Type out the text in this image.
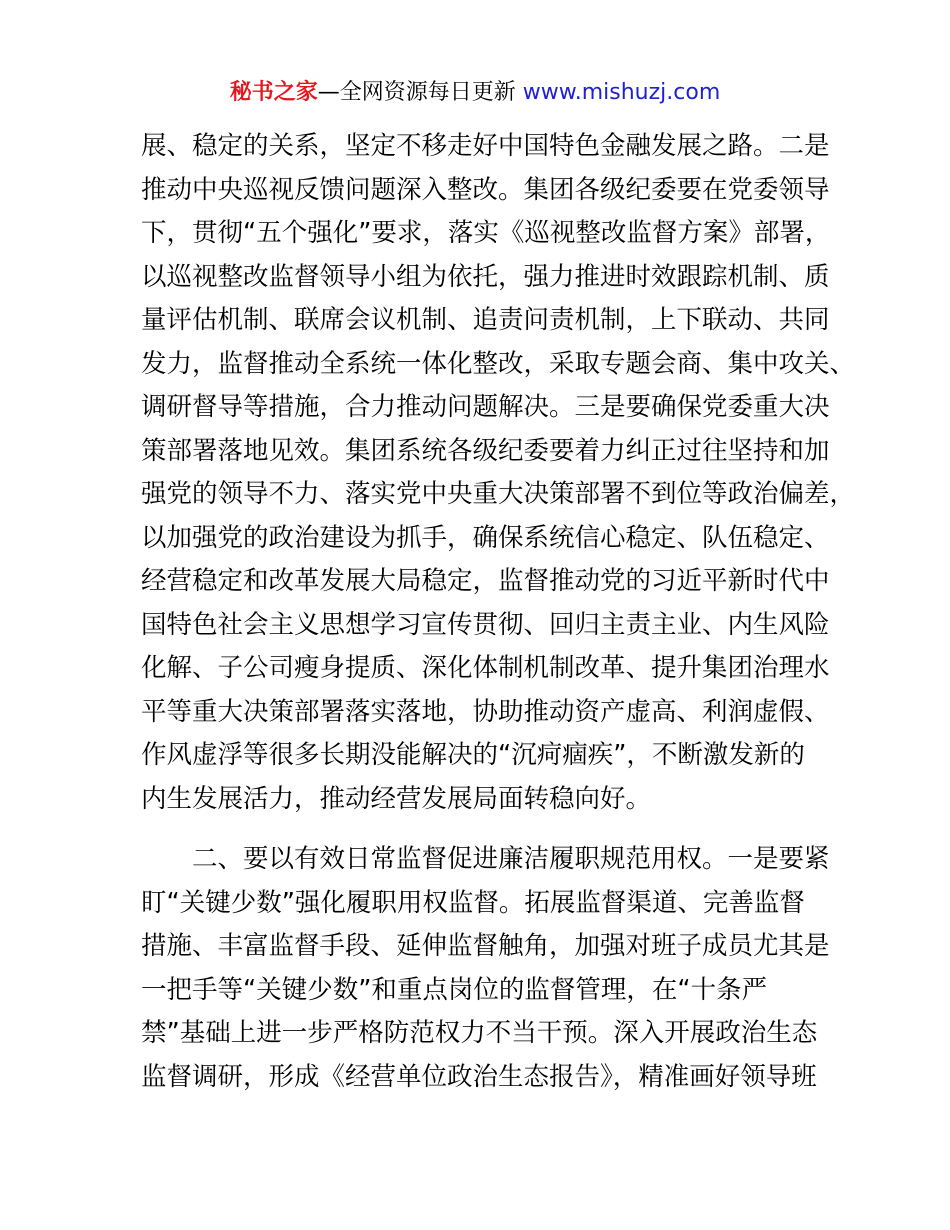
秘书之家—全网资源每日更新 www.mishuzj.com
展、稳定的关系，坚定不移走好中国特色金融发展之路。二是
推动中央巡视反馈问题深入整改。集团各级纪委要在党委领导
下，贯彻“五个强化”要求，落实《巡视整改监督方案》部署，
以巡视整改监督领导小组为依托，强力推进时效跟踪机制、质
量评估机制、联席会议机制、追责问责机制，上下联动、共同
发力，监督推动全系统一体化整改，采取专题会商、集中攻关、
调研督导等措施，合力推动问题解决。三是要确保党委重大决
策部署落地见效。集团系统各级纪委要着力纠正过往坚持和加
强党的领导不力、落实党中央重大决策部署不到位等政治偏差，
以加强党的政治建设为抓手，确保系统信心稳定、队伍稳定、
经营稳定和改革发展大局稳定，监督推动党的习近平新时代中
国特色社会主义思想学习宣传贯彻、回归主责主业、内生风险
化解、子公司瘦身提质、深化体制机制改革、提升集团治理水
平等重大决策部署落实落地，协助推动资产虚高、利润虚假、
作风虚浮等很多长期没能解决的“沉疴痼疾”，不断激发新的
内生发展活力，推动经营发展局面转稳向好。
二、要以有效日常监督促进廉洁履职规范用权。一是要紧
盯“关键少数”强化履职用权监督。拓展监督渠道、完善监督
措施、丰富监督手段、延伸监督触角，加强对班子成员尤其是
一把手等“关键少数”和重点岗位的监督管理，在“十条严
禁”基础上进一步严格防范权力不当干预。深入开展政治生态
监督调研，形成《经营单位政治生态报告》，精准画好领导班
